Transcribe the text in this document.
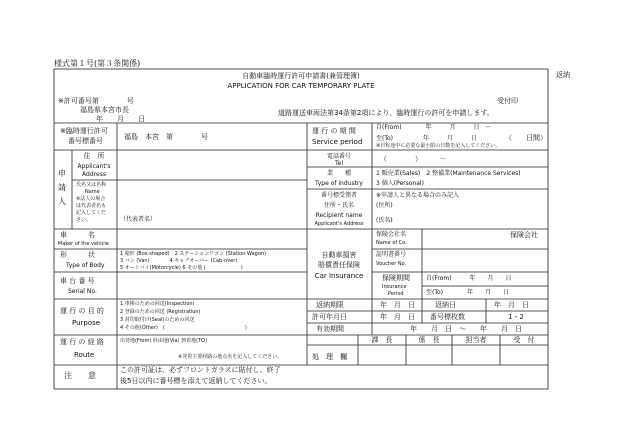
様式第１号(第３条関係)
返納
自動車臨時運行許可申請書(兼管理簿)
APPLICATION FOR CAR TEMPORARY PLATE
※許可番号第　　　　号
福島県本宮市長
年　　月　　日
受付印
道路運送車両法第34条第2項により、臨時運行の許可を申請します。
※臨時運行許可
番号標番号	福島　本宮　第　　　　号
運 行 の 期 間
Service period
自(From)　　　　年　　　月　　　日　～
至(To)　　　　　年　　　月　　　日	（　　日間）
※日程途中に必要な最小限の日数を記入してください。
申
請
人
住　所
Applicant's
Address
氏名又は名称
Name
※法人の場合
は代表者名も
記入してくだ
さい。	（代表者名）
電話番号
Tel
（　　　　）　　　－
業　　種
Type of industry
1 販売業(Sales)　2 整備業(Maintenance Services)
3 個人(Personal)
番号標受領者
住所・氏名
Recipient name
Applicant's Address
※申請人と異なる場合のみ記入
(住所)
(氏名)
車　　　名
Maker of the vehicle
形　　　状
Type of Body
1 箱形 (Box-shaped)　2 ステーションワゴン (Station Wagon)
3 バン (Van)　　　　4 キャブオーバー (Cab-over)
5 オートバイ(Motorcycle) 6 その他 (　　　　　　　)
車 台 番 号
Serial No.
自動車損害
賠償責任保険
Car Insurance
保険会社名
Name of Co.
保険会社
証明書番号
Voucher No.
保険期間
Insurance
Period
自(From)　　　年　　月　　日
至(To)　　　　年　　月　　日
運 行 の 目 的
Purpose
1 車検のための回送(Inspection)
2 登録のための回送 (Registration)
3 封印取付け(Seal)のための回送
4 その他(Other)　(　　　　　　　　　　　　　　　　)
返納期限	年　月　日	返納日	年　月　日
許可年月日	年　月　日 番号標枚数	1・2
有効期間	年　　月　日　～　　年　　月　日
運 行 の 経 路
Route
出発地(From) 経由地(Via) 到着地(TO)
※発着主要経路の地点名を記入してください。	処　理　欄
課　長	係　長	担当者	受　付
注　　意
この許可証は、必ずフロントガラスに貼付し、終了
後5日以内に番号標を添えて返納してください。
